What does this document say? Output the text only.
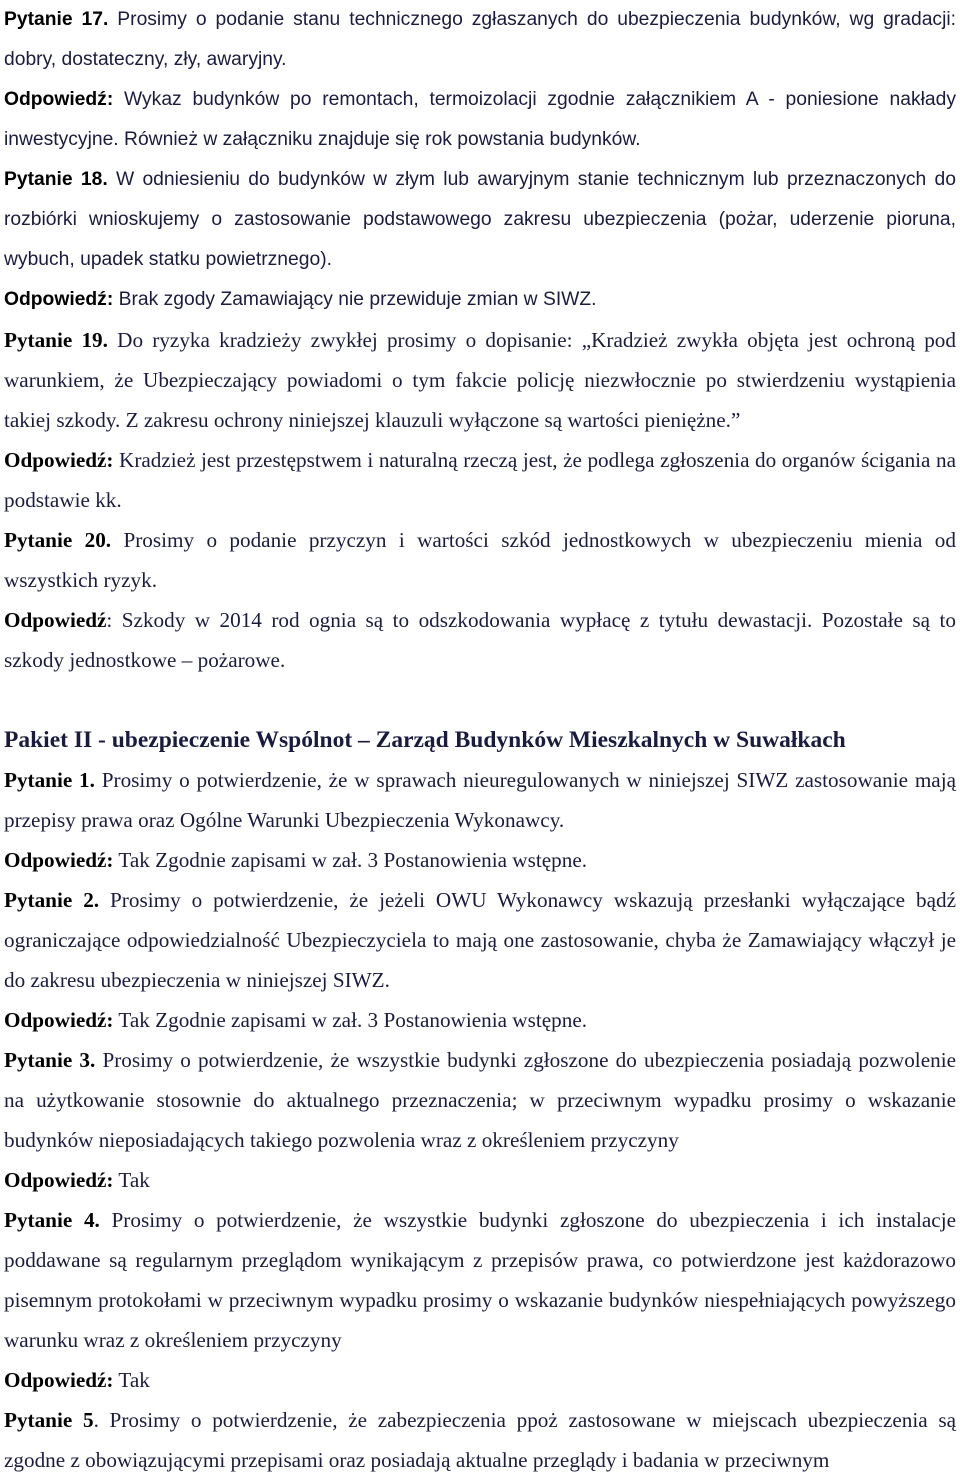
Pytanie 17. Prosimy o podanie stanu technicznego zgłaszanych do ubezpieczenia budynków, wg gradacji: dobry, dostateczny, zły, awaryjny.

Odpowiedź: Wykaz budynków po remontach, termoizolacji zgodnie załącznikiem A - poniesione nakłady inwestycyjne. Również w załączniku znajduje się rok powstania budynków.

Pytanie 18. W odniesieniu do budynków w złym lub awaryjnym stanie technicznym lub przeznaczonych do rozbiórki wnioskujemy o zastosowanie podstawowego zakresu ubezpieczenia (pożar, uderzenie pioruna, wybuch, upadek statku powietrznego).

Odpowiedź: Brak zgody Zamawiający nie przewiduje zmian w SIWZ.

Pytanie 19. Do ryzyka kradzieży zwykłej prosimy o dopisanie: „Kradzież zwykła objęta jest ochroną pod warunkiem, że Ubezpieczający powiadomi o tym fakcie policję niezwłocznie po stwierdzeniu wystąpienia takiej szkody. Z zakresu ochrony niniejszej klauzuli wyłączone są wartości pieniężne.”

Odpowiedź: Kradzież jest przestępstwem i naturalną rzeczą jest, że podlega zgłoszenia do organów ścigania na podstawie kk.

Pytanie 20. Prosimy o podanie przyczyn i wartości szkód jednostkowych w ubezpieczeniu mienia od wszystkich ryzyk.

Odpowiedź: Szkody w 2014 rod ognia są to odszkodowania wypłacę z tytułu dewastacji. Pozostałe są to szkody jednostkowe – pożarowe.

Pakiet II - ubezpieczenie Wspólnot – Zarząd Budynków Mieszkalnych w Suwałkach

Pytanie 1. Prosimy o potwierdzenie, że w sprawach nieuregulowanych w niniejszej SIWZ zastosowanie mają przepisy prawa oraz Ogólne Warunki Ubezpieczenia Wykonawcy.

Odpowiedź: Tak Zgodnie zapisami w zał. 3 Postanowienia wstępne.

Pytanie 2. Prosimy o potwierdzenie, że jeżeli OWU Wykonawcy wskazują przesłanki wyłączające bądź ograniczające odpowiedzialność Ubezpieczyciela to mają one zastosowanie, chyba że Zamawiający włączył je do zakresu ubezpieczenia w niniejszej SIWZ.

Odpowiedź: Tak Zgodnie zapisami w zał. 3 Postanowienia wstępne.

Pytanie 3. Prosimy o potwierdzenie, że wszystkie budynki zgłoszone do ubezpieczenia posiadają pozwolenie na użytkowanie stosownie do aktualnego przeznaczenia; w przeciwnym wypadku prosimy o wskazanie budynków nieposiadających takiego pozwolenia wraz z określeniem przyczyny

Odpowiedź: Tak

Pytanie 4. Prosimy o potwierdzenie, że wszystkie budynki zgłoszone do ubezpieczenia i ich instalacje poddawane są regularnym przeglądom wynikającym z przepisów prawa, co potwierdzone jest każdorazowo pisemnym protokołami w przeciwnym wypadku prosimy o wskazanie budynków niespełniających powyższego warunku wraz z określeniem przyczyny

Odpowiedź: Tak

Pytanie 5. Prosimy o potwierdzenie, że zabezpieczenia ppoż zastosowane w miejscach ubezpieczenia są zgodne z obowiązującymi przepisami oraz posiadają aktualne przeglądy i badania w przeciwnym
